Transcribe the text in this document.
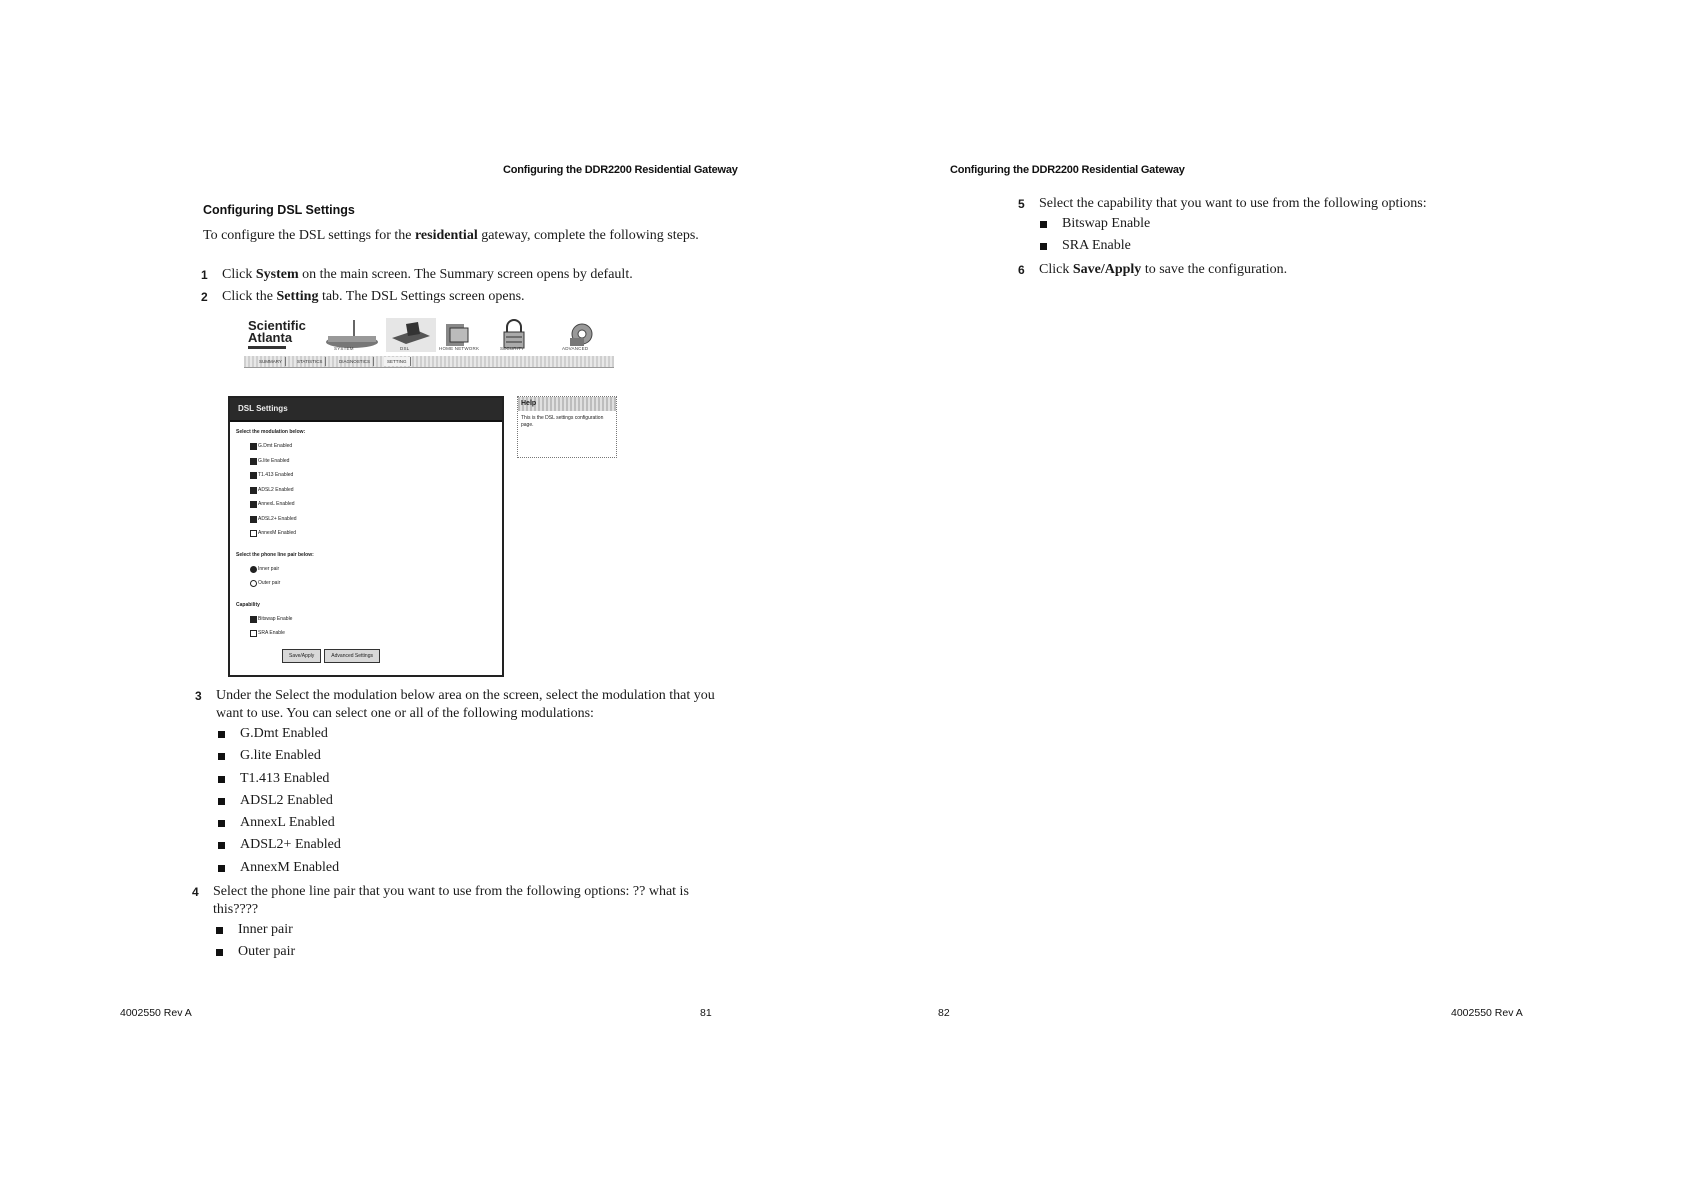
Configuring the DDR2200 Residential Gateway
Configuring DSL Settings
To configure the DSL settings for the residential gateway, complete the following steps.
1 Click System on the main screen. The Summary screen opens by default.
2 Click the Setting tab. The DSL Settings screen opens.
Scientific
Atlanta
SYSTEM	DSL	HOME NETWORK	SECURITY	ADVANCED
SUMMARY	STATISTICS	DIAGNOSTICS	SETTING
DSL Settings
Select the modulation below:
G.Dmt Enabled
G.lite Enabled
T1.413 Enabled
ADSL2 Enabled
AnnexL Enabled
ADSL2+ Enabled
AnnexM Enabled
Select the phone line pair below:
Inner pair
Outer pair
Capability
Bitswap Enable
SRA Enable
Save/Apply	Advanced Settings
Help
This is the DSL settings configuration page.
3 Under the Select the modulation below area on the screen, select the modulation that you want to use. You can select one or all of the following modulations:
G.Dmt Enabled
G.lite Enabled
T1.413 Enabled
ADSL2 Enabled
AnnexL Enabled
ADSL2+ Enabled
AnnexM Enabled
4 Select the phone line pair that you want to use from the following options: ?? what is this????
Inner pair
Outer pair
4002550 Rev A	81
Configuring the DDR2200 Residential Gateway
5 Select the capability that you want to use from the following options:
Bitswap Enable
SRA Enable
6 Click Save/Apply to save the configuration.
82	4002550 Rev A
